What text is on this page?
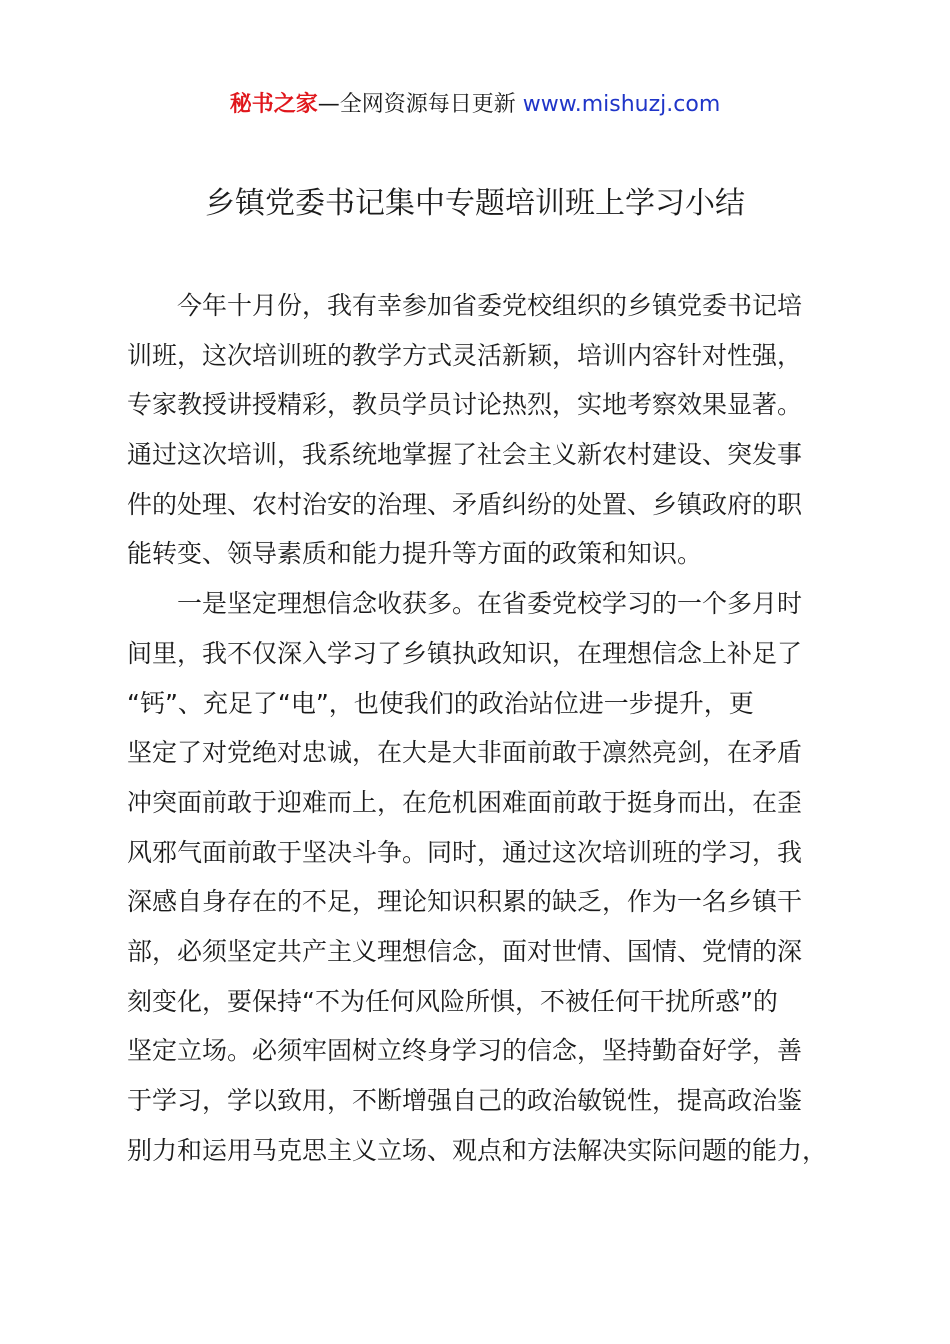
秘书之家—全网资源每日更新 www.mishuzj.com
乡镇党委书记集中专题培训班上学习小结
今年十月份，我有幸参加省委党校组织的乡镇党委书记培
训班，这次培训班的教学方式灵活新颖，培训内容针对性强，
专家教授讲授精彩，教员学员讨论热烈，实地考察效果显著。
通过这次培训，我系统地掌握了社会主义新农村建设、突发事
件的处理、农村治安的治理、矛盾纠纷的处置、乡镇政府的职
能转变、领导素质和能力提升等方面的政策和知识。
一是坚定理想信念收获多。在省委党校学习的一个多月时
间里，我不仅深入学习了乡镇执政知识，在理想信念上补足了
“钙”、充足了“电”，也使我们的政治站位进一步提升，更
坚定了对党绝对忠诚，在大是大非面前敢于凛然亮剑，在矛盾
冲突面前敢于迎难而上，在危机困难面前敢于挺身而出，在歪
风邪气面前敢于坚决斗争。同时，通过这次培训班的学习，我
深感自身存在的不足，理论知识积累的缺乏，作为一名乡镇干
部，必须坚定共产主义理想信念，面对世情、国情、党情的深
刻变化，要保持“不为任何风险所惧，不被任何干扰所惑”的
坚定立场。必须牢固树立终身学习的信念，坚持勤奋好学，善
于学习，学以致用，不断增强自己的政治敏锐性，提高政治鉴
别力和运用马克思主义立场、观点和方法解决实际问题的能力，
